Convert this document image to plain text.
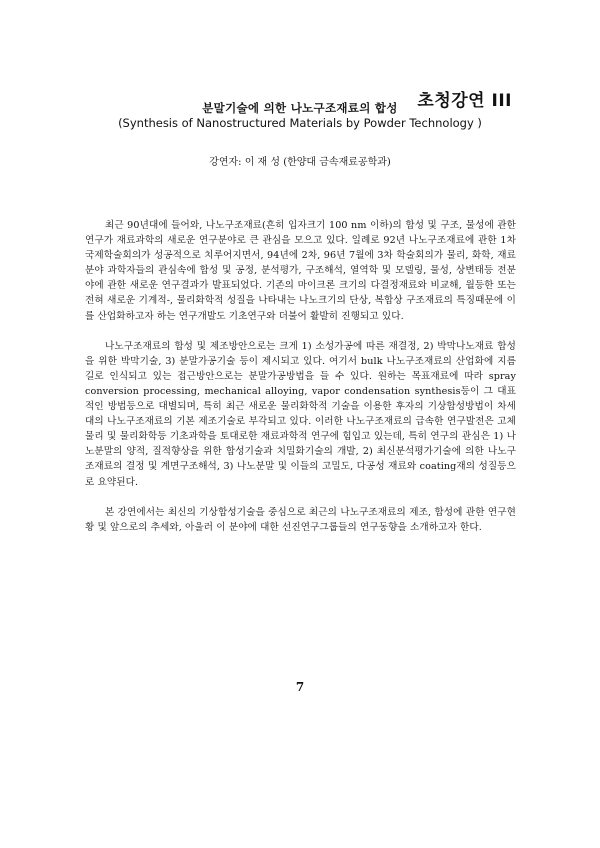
초청강연 III
분말기술에 의한 나노구조재료의 합성
(Synthesis of Nanostructured Materials by Powder Technology )
강연자: 이 재 성 (한양대 금속재료공학과)

최근 90년대에 들어와, 나노구조재료(흔히 입자크기 100 nm 이하)의 합성 및 구조, 물성에 관한 연구가 재료과학의 새로운 연구분야로 큰 관심을 모으고 있다. 일례로 92년 나노구조재료에 관한 1차 국제학술회의가 성공적으로 치루어지면서, 94년에 2차, 96년 7월에 3차 학술회의가 물리, 화학, 재료분야 과학자들의 관심속에 합성 및 공정, 분석평가, 구조해석, 열역학 및 모델링, 물성, 상변태등 전분야에 관한 새로운 연구결과가 발표되었다. 기존의 마이크론 크기의 다결정재료와 비교해, 월등한 또는 전혀 새로운 기계적-, 물리화학적 성질을 나타내는 나노크기의 단상, 복합상 구조재료의 특징때문에 이를 산업화하고자 하는 연구개발도 기초연구와 더불어 활발히 진행되고 있다.

나노구조재료의 합성 및 제조방안으로는 크게 1) 소성가공에 따른 재결정, 2) 박막나노재료 합성을 위한 박막기술, 3) 분말가공기술 등이 제시되고 있다. 여기서 bulk 나노구조재료의 산업화에 지름길로 인식되고 있는 접근방안으로는 분말가공방법을 들 수 있다. 원하는 목표재료에 따라 spray conversion processing, mechanical alloying, vapor condensation synthesis등이 그 대표적인 방법등으로 대별되며, 특히 최근 새로운 물리화학적 기술을 이용한 후자의 기상합성방법이 차세대의 나노구조재료의 기본 제조기술로 부각되고 있다. 이러한 나노구조재료의 급속한 연구발전은 고체물리 및 물리화학등 기초과학을 토대로한 재료과학적 연구에 힘입고 있는데, 특히 연구의 관심은 1) 나노분말의 양적, 질적향상을 위한 합성기술과 치밀화기술의 개발, 2) 최신분석평가기술에 의한 나노구조재료의 결정 및 계면구조해석, 3) 나노분말 및 이들의 고밀도, 다공성 재료와 coating재의 성질등으로 요약된다.

본 강연에서는 최신의 기상합성기술을 중심으로 최근의 나노구조재료의 제조, 합성에 관한 연구현황 및 앞으로의 추세와, 아울러 이 분야에 대한 선진연구그룹들의 연구동향을 소개하고자 한다.

7
